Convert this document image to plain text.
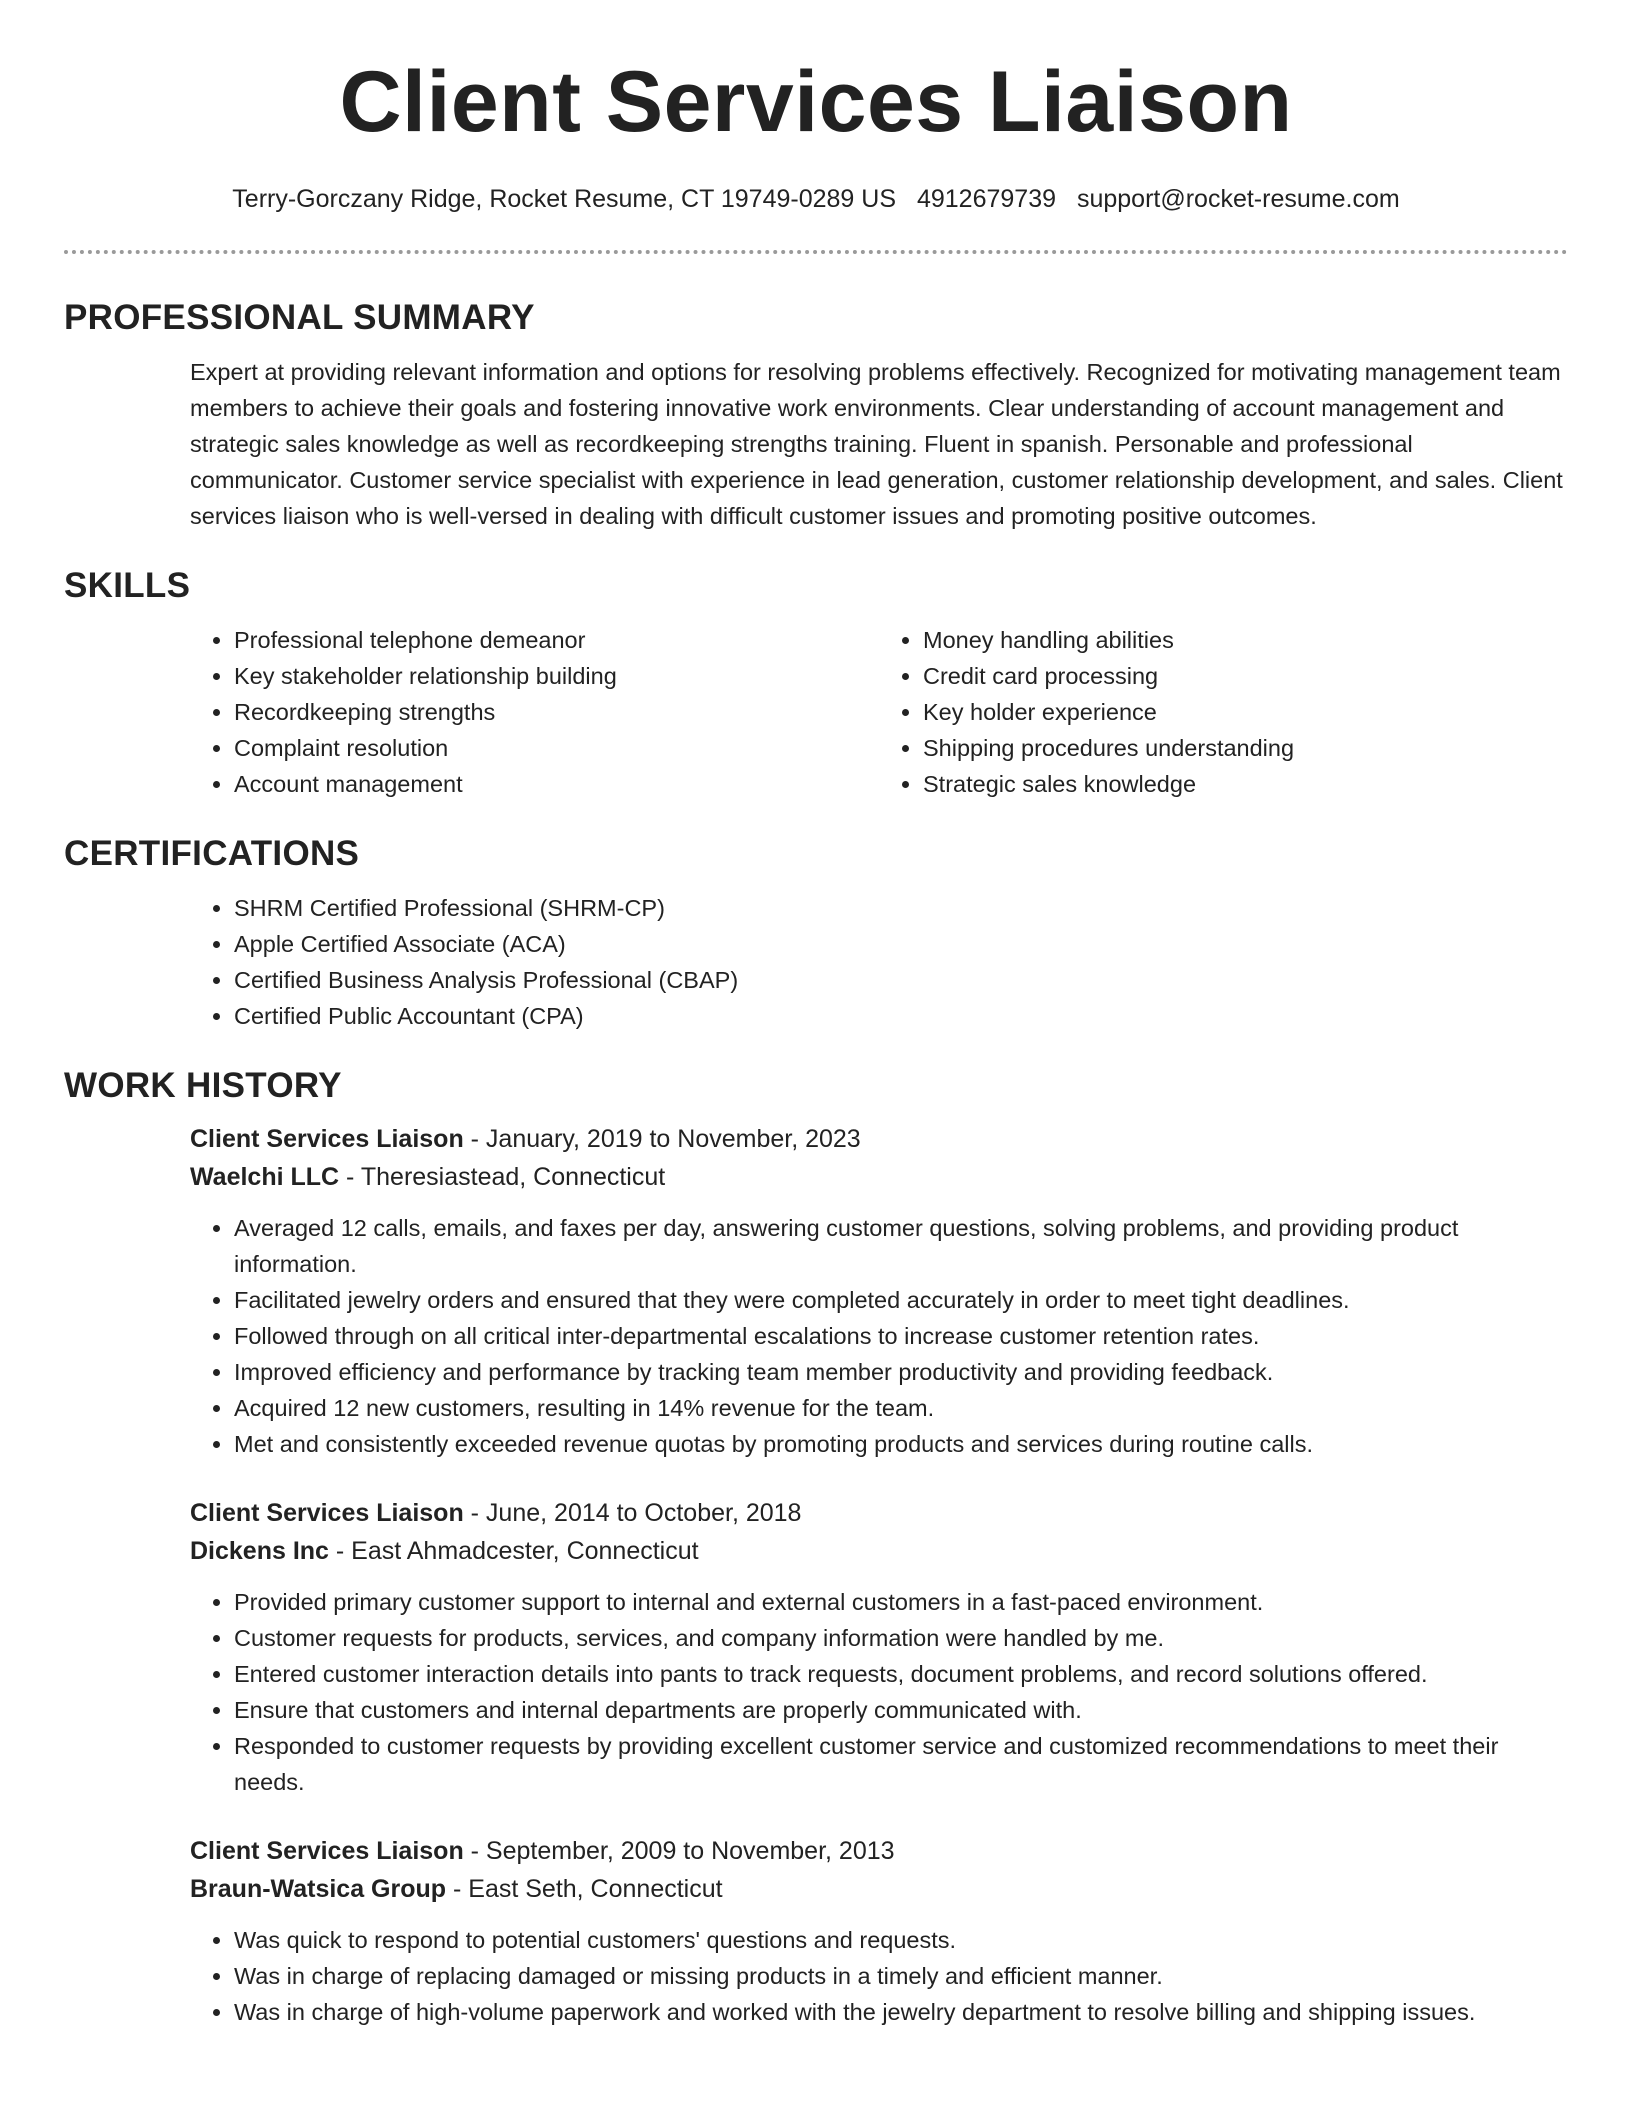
Client Services Liaison
Terry-Gorczany Ridge, Rocket Resume, CT 19749-0289 US 4912679739 support@rocket-resume.com
PROFESSIONAL SUMMARY

Expert at providing relevant information and options for resolving problems effectively. Recognized for motivating management team members to achieve their goals and fostering innovative work environments. Clear understanding of account management and strategic sales knowledge as well as recordkeeping strengths training. Fluent in spanish. Personable and professional communicator. Customer service specialist with experience in lead generation, customer relationship development, and sales. Client services liaison who is well-versed in dealing with difficult customer issues and promoting positive outcomes.

SKILLS
• Professional telephone demeanor
• Key stakeholder relationship building
• Recordkeeping strengths
• Complaint resolution
• Account management
• Money handling abilities
• Credit card processing
• Key holder experience
• Shipping procedures understanding
• Strategic sales knowledge
CERTIFICATIONS
• SHRM Certified Professional (SHRM-CP)
• Apple Certified Associate (ACA)
• Certified Business Analysis Professional (CBAP)
• Certified Public Accountant (CPA)
WORK HISTORY
Client Services Liaison - January, 2019 to November, 2023
Waelchi LLC - Theresiastead, Connecticut
• Averaged 12 calls, emails, and faxes per day, answering customer questions, solving problems, and providing product information.
• Facilitated jewelry orders and ensured that they were completed accurately in order to meet tight deadlines.
• Followed through on all critical inter-departmental escalations to increase customer retention rates.
• Improved efficiency and performance by tracking team member productivity and providing feedback.
• Acquired 12 new customers, resulting in 14% revenue for the team.
• Met and consistently exceeded revenue quotas by promoting products and services during routine calls.
Client Services Liaison - June, 2014 to October, 2018
Dickens Inc - East Ahmadcester, Connecticut
• Provided primary customer support to internal and external customers in a fast-paced environment.
• Customer requests for products, services, and company information were handled by me.
• Entered customer interaction details into pants to track requests, document problems, and record solutions offered.
• Ensure that customers and internal departments are properly communicated with.
• Responded to customer requests by providing excellent customer service and customized recommendations to meet their needs.
Client Services Liaison - September, 2009 to November, 2013
Braun-Watsica Group - East Seth, Connecticut
• Was quick to respond to potential customers' questions and requests.
• Was in charge of replacing damaged or missing products in a timely and efficient manner.
• Was in charge of high-volume paperwork and worked with the jewelry department to resolve billing and shipping issues.
